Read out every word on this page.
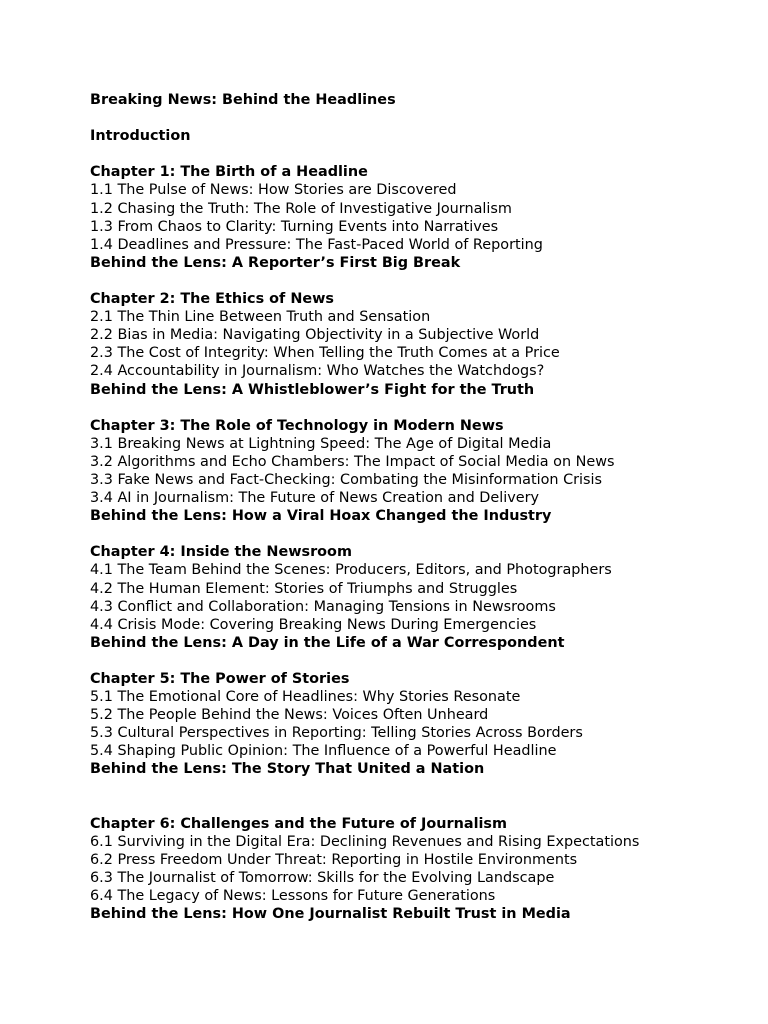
Breaking News: Behind the Headlines

Introduction

Chapter 1: The Birth of a Headline

1.1 The Pulse of News: How Stories are Discovered

1.2 Chasing the Truth: The Role of Investigative Journalism

1.3 From Chaos to Clarity: Turning Events into Narratives

1.4 Deadlines and Pressure: The Fast-Paced World of Reporting

Behind the Lens: A Reporter’s First Big Break

Chapter 2: The Ethics of News

2.1 The Thin Line Between Truth and Sensation

2.2 Bias in Media: Navigating Objectivity in a Subjective World

2.3 The Cost of Integrity: When Telling the Truth Comes at a Price

2.4 Accountability in Journalism: Who Watches the Watchdogs?

Behind the Lens: A Whistleblower’s Fight for the Truth

Chapter 3: The Role of Technology in Modern News

3.1 Breaking News at Lightning Speed: The Age of Digital Media

3.2 Algorithms and Echo Chambers: The Impact of Social Media on News

3.3 Fake News and Fact-Checking: Combating the Misinformation Crisis

3.4 AI in Journalism: The Future of News Creation and Delivery

Behind the Lens: How a Viral Hoax Changed the Industry

Chapter 4: Inside the Newsroom

4.1 The Team Behind the Scenes: Producers, Editors, and Photographers

4.2 The Human Element: Stories of Triumphs and Struggles

4.3 Conflict and Collaboration: Managing Tensions in Newsrooms

4.4 Crisis Mode: Covering Breaking News During Emergencies

Behind the Lens: A Day in the Life of a War Correspondent

Chapter 5: The Power of Stories

5.1 The Emotional Core of Headlines: Why Stories Resonate

5.2 The People Behind the News: Voices Often Unheard

5.3 Cultural Perspectives in Reporting: Telling Stories Across Borders

5.4 Shaping Public Opinion: The Influence of a Powerful Headline

Behind the Lens: The Story That United a Nation

Chapter 6: Challenges and the Future of Journalism

6.1 Surviving in the Digital Era: Declining Revenues and Rising Expectations

6.2 Press Freedom Under Threat: Reporting in Hostile Environments

6.3 The Journalist of Tomorrow: Skills for the Evolving Landscape

6.4 The Legacy of News: Lessons for Future Generations

Behind the Lens: How One Journalist Rebuilt Trust in Media
